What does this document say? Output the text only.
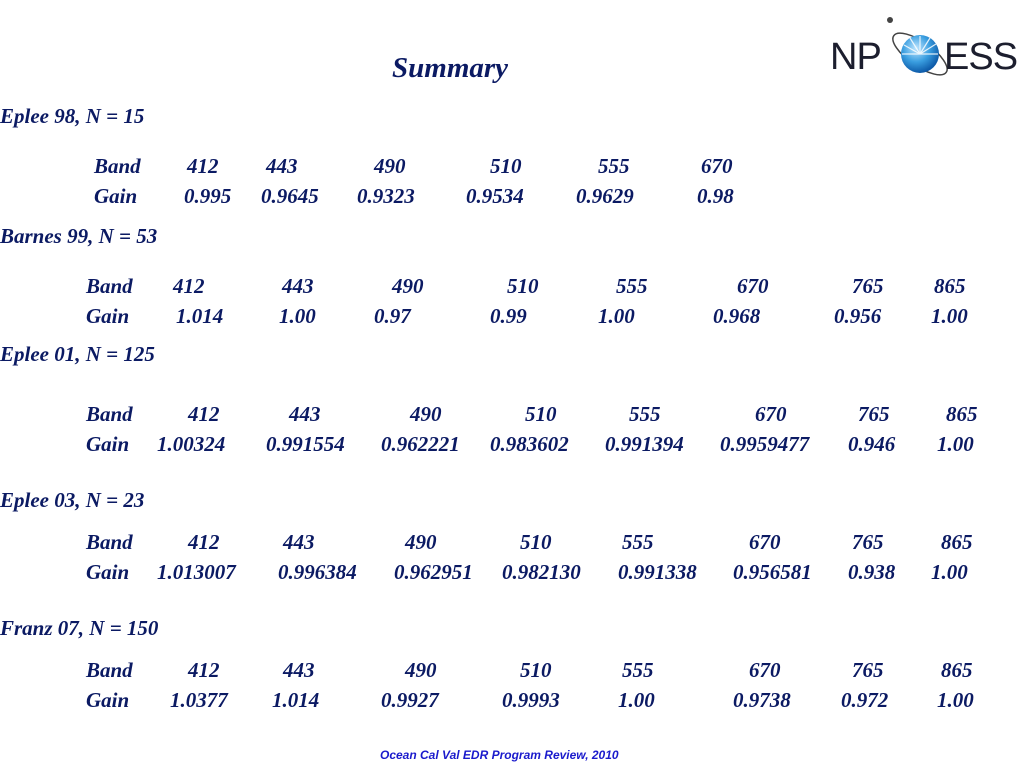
Summary	NP ESS
Eplee 98, N = 15
Band 412 443	490	510	555	670
Gain 0.995 0.9645 0.9323 0.9534 0.9629	0.98
Barnes 99, N = 53
Band 412	443	490	510	555	670	765 865
Gain 1.014	1.00	0.97	0.99	1.00	0.968	0.956 1.00
Eplee 01, N = 125
Band	412	443	490	510	555	670	765	865
Gain 1.00324 0.991554 0.962221 0.983602 0.991394 0.9959477 0.946 1.00
Eplee 03, N = 23
Band	412	443	490	510	555	670	765	865
Gain 1.013007 0.996384 0.962951 0.982130 0.991338 0.956581 0.938 1.00
Franz 07, N = 150
Band	412	443	490	510	555	670	765	865
Gain 1.0377 1.014	0.9927	0.9993	1.00	0.9738 0.972 1.00
Ocean Cal Val EDR Program Review, 2010
